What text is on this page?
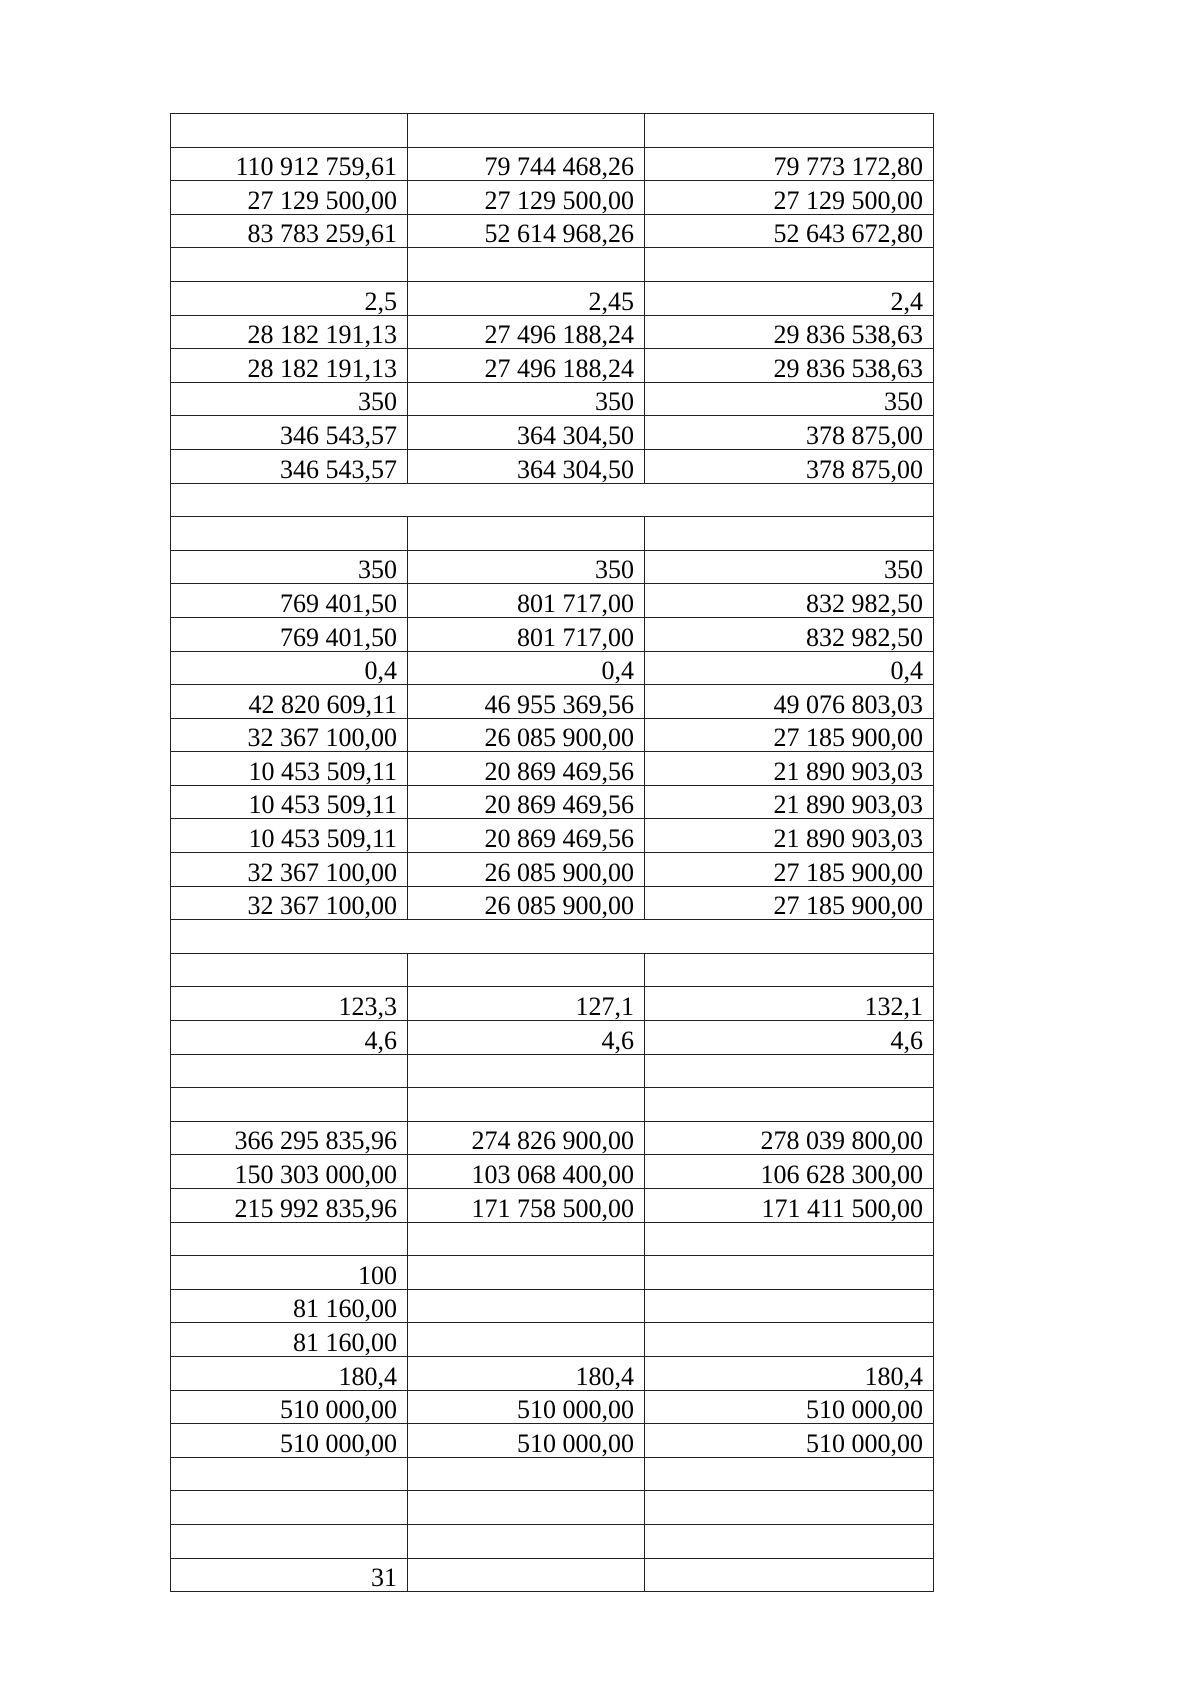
110 912 759,61	79 744 468,26	79 773 172,80
27 129 500,00	27 129 500,00	27 129 500,00
83 783 259,61	52 614 968,26	52 643 672,80

2,5	2,45	2,4
28 182 191,13	27 496 188,24	29 836 538,63
28 182 191,13	27 496 188,24	29 836 538,63
350	350	350
346 543,57	364 304,50	378 875,00
346 543,57	364 304,50	378 875,00

350	350	350
769 401,50	801 717,00	832 982,50
769 401,50	801 717,00	832 982,50
0,4	0,4	0,4
42 820 609,11	46 955 369,56	49 076 803,03
32 367 100,00	26 085 900,00	27 185 900,00
10 453 509,11	20 869 469,56	21 890 903,03
10 453 509,11	20 869 469,56	21 890 903,03
10 453 509,11	20 869 469,56	21 890 903,03
32 367 100,00	26 085 900,00	27 185 900,00
32 367 100,00	26 085 900,00	27 185 900,00

123,3	127,1	132,1
4,6	4,6	4,6

366 295 835,96	274 826 900,00	278 039 800,00
150 303 000,00	103 068 400,00	106 628 300,00
215 992 835,96	171 758 500,00	171 411 500,00

100		
81 160,00		
81 160,00		
180,4	180,4	180,4
510 000,00	510 000,00	510 000,00
510 000,00	510 000,00	510 000,00

31		
